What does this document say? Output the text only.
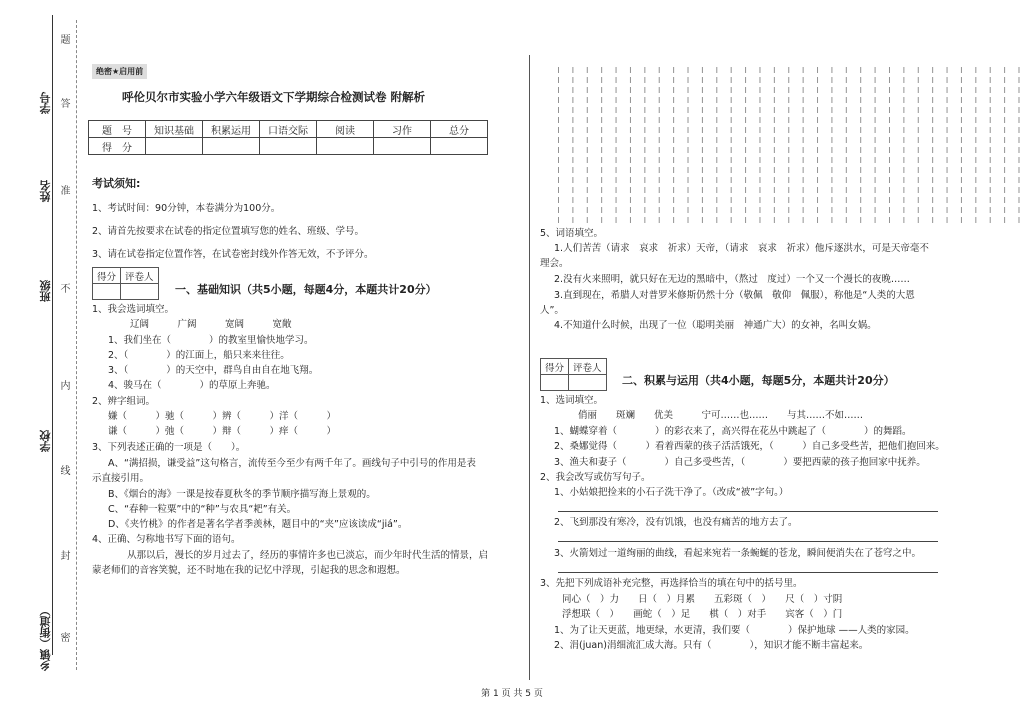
乡镇（街道）
学校
班级
姓名
学号
题
答
准
不
内
线
封
密
绝密★启用前
呼伦贝尔市实验小学六年级语文下学期综合检测试卷 附解析
题　号	知识基础	积累运用	口语交际	阅读	习作	总分
得　分						
考试须知:
1、考试时间：90分钟，本卷满分为100分。
2、请首先按要求在试卷的指定位置填写您的姓名、班级、学号。
3、请在试卷指定位置作答，在试卷密封线外作答无效，不予评分。
得分	评卷人

一、基础知识（共5小题，每题4分，本题共计20分）
1、我会选词填空。
辽阔　　　广阔　　　宽阔　　　宽敞
1、我们坐在（　　　　）的教室里愉快地学习。
2、（　　　　）的江面上，船只来来往往。
3、（　　　　）的天空中，群鸟自由自在地飞翔。
4、骏马在（　　　　）的草原上奔驰。
2、辨字组词。
嫌（　　　）驰（　　　）辨（　　　）洋（　　　）
谦（　　　）弛（　　　）辩（　　　）痒（　　　）
3、下列表述正确的一项是（　　）。
A、“满招损，谦受益”这句格言，流传至今至少有两千年了。画线句子中引号的作用是表
示直接引用。
B、《烟台的海》一课是按春夏秋冬的季节顺序描写海上景观的。
C、“春种一粒粟”中的“种”与农具“耙”有关。
D、《夹竹桃》的作者是著名学者季羡林，题目中的“夹”应该读成“jiá”。
4、正确、匀称地书写下面的语句。
　　从那以后，漫长的岁月过去了，经历的事情许多也已淡忘，而少年时代生活的情景，启
蒙老师们的音容笑貌，还不时地在我的记忆中浮现，引起我的思念和遐想。
5、词语填空。
1.人们苦苦（请求　哀求　祈求）天帝，（请求　哀求　祈求）他斥逐洪水，可是天帝毫不
理会。
2.没有火来照明，就只好在无边的黑暗中，（熬过　度过）一个又一个漫长的夜晚……
3.直到现在，希腊人对普罗米修斯仍然十分（敬佩　敬仰　佩服），称他是“人类的大恩
人”。
4.不知道什么时候，出现了一位（聪明美丽　神通广大）的女神，名叫女娲。
得分	评卷人

二、积累与运用（共4小题，每题5分，本题共计20分）
1、选词填空。
俏丽　　斑斓　　优美　　　宁可……也……　　与其……不如……
1、蝴蝶穿着（　　　　）的彩衣来了，高兴得在花丛中跳起了（　　　　）的舞蹈。
2、桑娜觉得（　　　）看着西蒙的孩子活活饿死，（　　　）自己多受些苦，把他们抱回来。
3、渔夫和妻子（　　　　）自己多受些苦，（　　　　）要把西蒙的孩子抱回家中抚养。
2、我会改写或仿写句子。
1、小姑娘把捡来的小石子洗干净了。（改成“被”字句。）
2、飞到那没有寒冷，没有饥饿，也没有痛苦的地方去了。
3、火箭划过一道绚丽的曲线，看起来宛若一条蜿蜒的苍龙，瞬间便消失在了苍穹之中。
3、先把下列成语补充完整，再选择恰当的填在句中的括号里。
同心（　）力　　日（　）月累　　五彩斑（　）　　尺（　）寸阴
浮想联（　）　　画蛇（　）足　　棋（　）对手　　宾客（　）门
1、为了让天更蓝，地更绿，水更清，我们要（　　　　）保护地球 ——人类的家园。
2、涓(juan)涓细流汇成大海。只有（　　　　），知识才能不断丰富起来。
第 1 页 共 5 页
